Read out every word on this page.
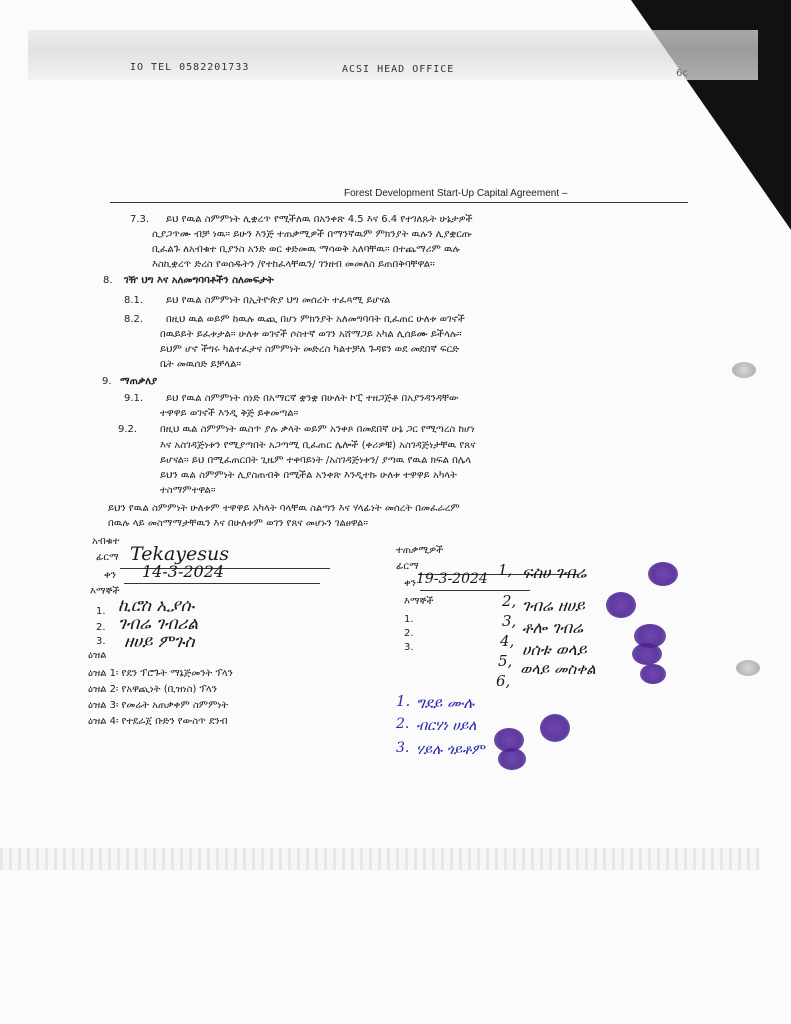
ΙΟ ΤΕL 0582201733	ACSI HEAD OFFICE	6c
Forest Development Start-Up Capital Agreement –
7.3. ይህ የዉል ስምምነት ሊቋረጥ የሚችለዉ በአንቀጽ 4.5 እና 6.4 የተገለጹት ሁኔታዎች
ሲያጋጥሙ ብቻ ነዉ። ይሁን እንጅ ተጠቃሚዎች በማንኛዉም ምክንያት ዉሉን ሊያቋርጡ
ቢፈልጉ ለአብቁተ ቢያንስ አንድ ወር ቀድመዉ ማሳወቅ አለባቸዉ። በተጨማሪም ዉሉ
እስኪቋረጥ ድረስ የወሰዱትን /የተከፈላቸዉን/ ገንዘብ መመለስ ይጠበቅባቸዋል።
8. ገዥ ህግ እና አለመግባባቶችን ስለመፍታት
8.1. ይህ የዉል ስምምነት በኢትዮጵያ ህግ መሰረት ተፈጻሚ ይሆናል
8.2. በዚህ ዉል ወይም ከዉሉ ዉጪ በሆነ ምክንያት አለመግባባት ቢፈጠር ሁለቱ ወገኖች
በዉይይት ይፈቱታል። ሁለቱ ወገኖች ሶስተኛ ወገን አሸማጋይ አካል ሊሰይሙ ይችላሉ።
ይህም ሆኖ ችግሩ ካልተፈታና ስምምነት መድረስ ካልተቻለ ጉዳዩን ወደ መደበኛ ፍርድ
ቤት መዉሰድ ይቻላል።
9. ማጠቃለያ
9.1. ይህ የዉል ስምምነት ሰነድ በአማርኛ ቋንቋ በሁለት ኮፒ ተዘጋጅቶ በአያንዳንዳቸው
ተዋዋይ ወገኖች እንዲ ቅጅ ይቀመጣል።
9.2. በዚህ ዉል ስምምነት ዉስጥ ያሉ ቃላት ወይም አንቀጾ በመደበኛ ሁኔ ጋር የሚጣረስ ከሆነ
እና አስገዳጅነቱን የሚያጣበት አጋጣሚ ቢፈጠር ሌሎች (ቀሪዎቹ) አስገዳጅነታቸዉ የጸና
ይሆናል። ይህ በሚፈጠርበት ጊዜም ተቀባይነት /አስገዳጅነቱን/ ያጣዉ የዉል ክፍል በሌላ
ይህን ዉል ስምምነት ሊያስጠብቅ በሚችል አንቀጽ እንዲተኩ ሁለቱ ተዋዋይ አካላት
ተስማምተዋል።
ይህን የዉል ስምምነት ሁለቱም ተዋዋይ አካላት ባላቸዉ ስልጣን እና ሃላፊነት መሰረት በመፈራረም
በዉሉ ላይ መስማማታቸዉን እና በሁለቱም ወገን የጸና መሆኑን ገልፀዋል።
አብቁተ
ፊርማ Tekayesus
ቀን 14-3-2024
እማኞች
1. ኪሮስ ኢያሱ
2. ገብሬ ገብሪል
3. ዘሀይ ምጉስ
ዕዝል
ዕዝል 1፡ የደን ፕሮጉት ማኔጅመንት ፕላን
ዕዝል 2፡ የአዋጪነት (ቢዝነስ) ፕላን
ዕዝል 3፡ የመሬት አጠቃቀም ስምምነት
ዕዝል 4፡ የተደራጀ ቡድን የውስጥ ደንብ
ተጠቃሚዎች
ፊርማ
ቀን 19-3-2024
እማኞች
1.
2.
3.
1, ፍስሀ ገብሬ
2, ገብሬ ዘሀይ
3, ቶሎ ገብሬ
4, ሀሰቱ ወላይ
5, ወላይ መስቀል
6,
1. ግደይ ሙሉ
2. ብርሃነ ሀይለ
3. ሃይሉ ጎይቶም
